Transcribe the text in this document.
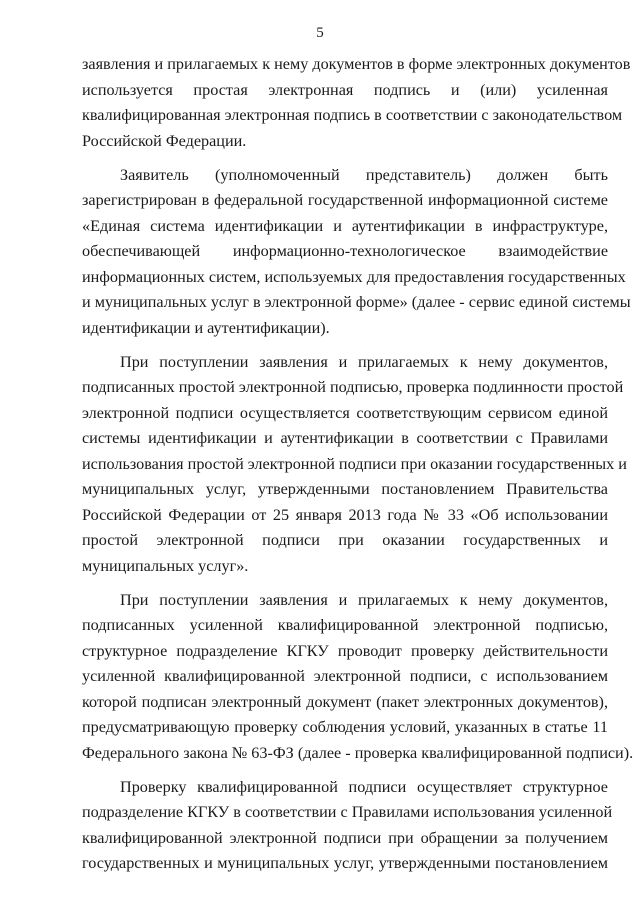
5
заявления и прилагаемых к нему документов в форме электронных документов
используется простая электронная подпись и (или) усиленная
квалифицированная электронная подпись в соответствии с законодательством
Российской Федерации.
Заявитель (уполномоченный представитель) должен быть
зарегистрирован в федеральной государственной информационной системе
«Единая система идентификации и аутентификации в инфраструктуре,
обеспечивающей информационно-технологическое взаимодействие
информационных систем, используемых для предоставления государственных
и муниципальных услуг в электронной форме» (далее - сервис единой системы
идентификации и аутентификации).
При поступлении заявления и прилагаемых к нему документов,
подписанных простой электронной подписью, проверка подлинности простой
электронной подписи осуществляется соответствующим сервисом единой
системы идентификации и аутентификации в соответствии с Правилами
использования простой электронной подписи при оказании государственных и
муниципальных услуг, утвержденными постановлением Правительства
Российской Федерации от 25 января 2013 года № 33 «Об использовании
простой электронной подписи при оказании государственных и
муниципальных услуг».
При поступлении заявления и прилагаемых к нему документов,
подписанных усиленной квалифицированной электронной подписью,
структурное подразделение КГКУ проводит проверку действительности
усиленной квалифицированной электронной подписи, с использованием
которой подписан электронный документ (пакет электронных документов),
предусматривающую проверку соблюдения условий, указанных в статье 11
Федерального закона № 63-ФЗ (далее - проверка квалифицированной подписи).
Проверку квалифицированной подписи осуществляет структурное
подразделение КГКУ в соответствии с Правилами использования усиленной
квалифицированной электронной подписи при обращении за получением
государственных и муниципальных услуг, утвержденными постановлением
